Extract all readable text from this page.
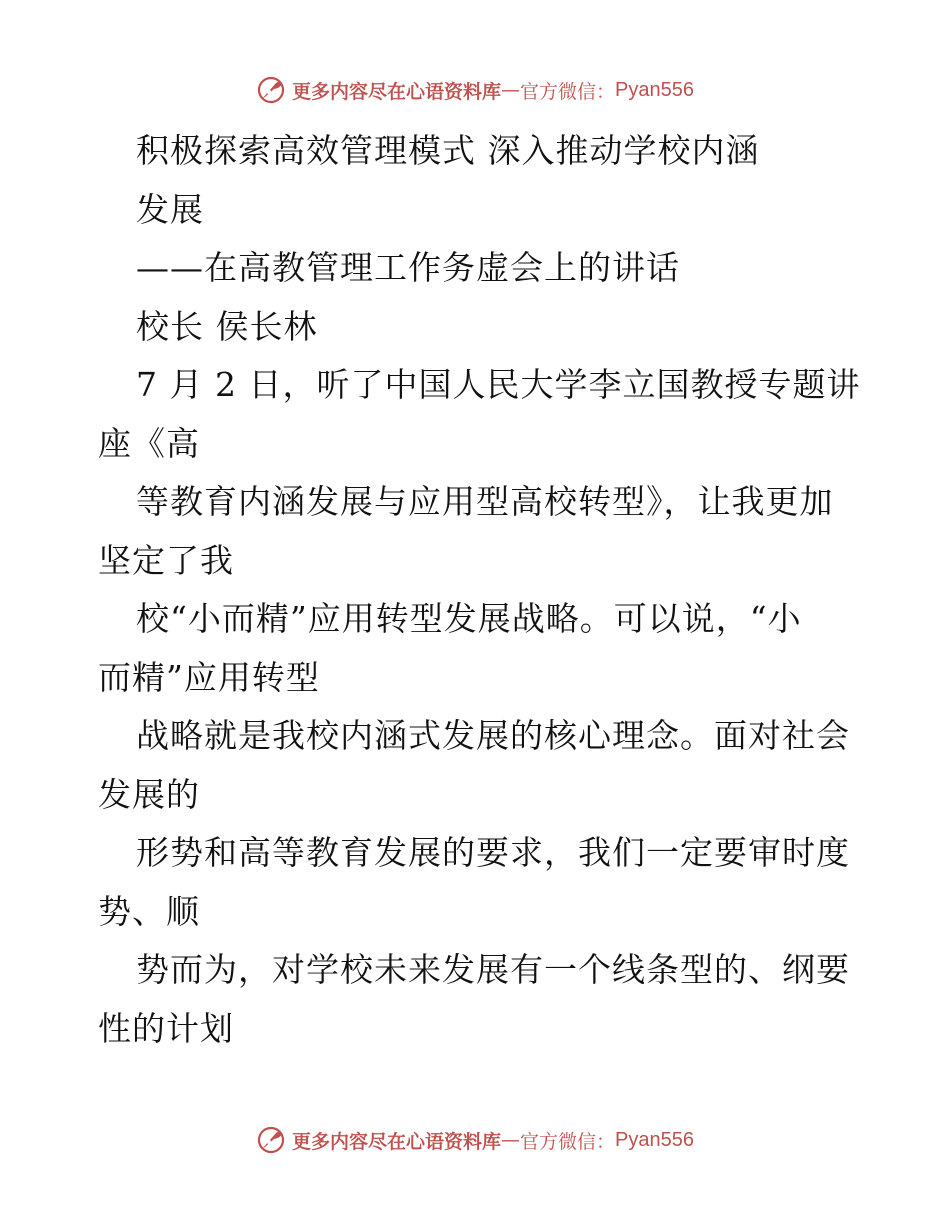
更多内容尽在心语资料库 — 官方微信： Pyan556
积极探索高效管理模式 深入推动学校内涵
发展
——在高教管理工作务虚会上的讲话
校长 侯长林
7 月 2 日，听了中国人民大学李立国教授专题讲
座《高
等教育内涵发展与应用型高校转型》，让我更加
坚定了我
校“小而精”应用转型发展战略。可以说，“小
而精”应用转型
战略就是我校内涵式发展的核心理念。面对社会
发展的
形势和高等教育发展的要求，我们一定要审时度
势、顺
势而为，对学校未来发展有一个线条型的、纲要
性的计划
更多内容尽在心语资料库 — 官方微信： Pyan556
